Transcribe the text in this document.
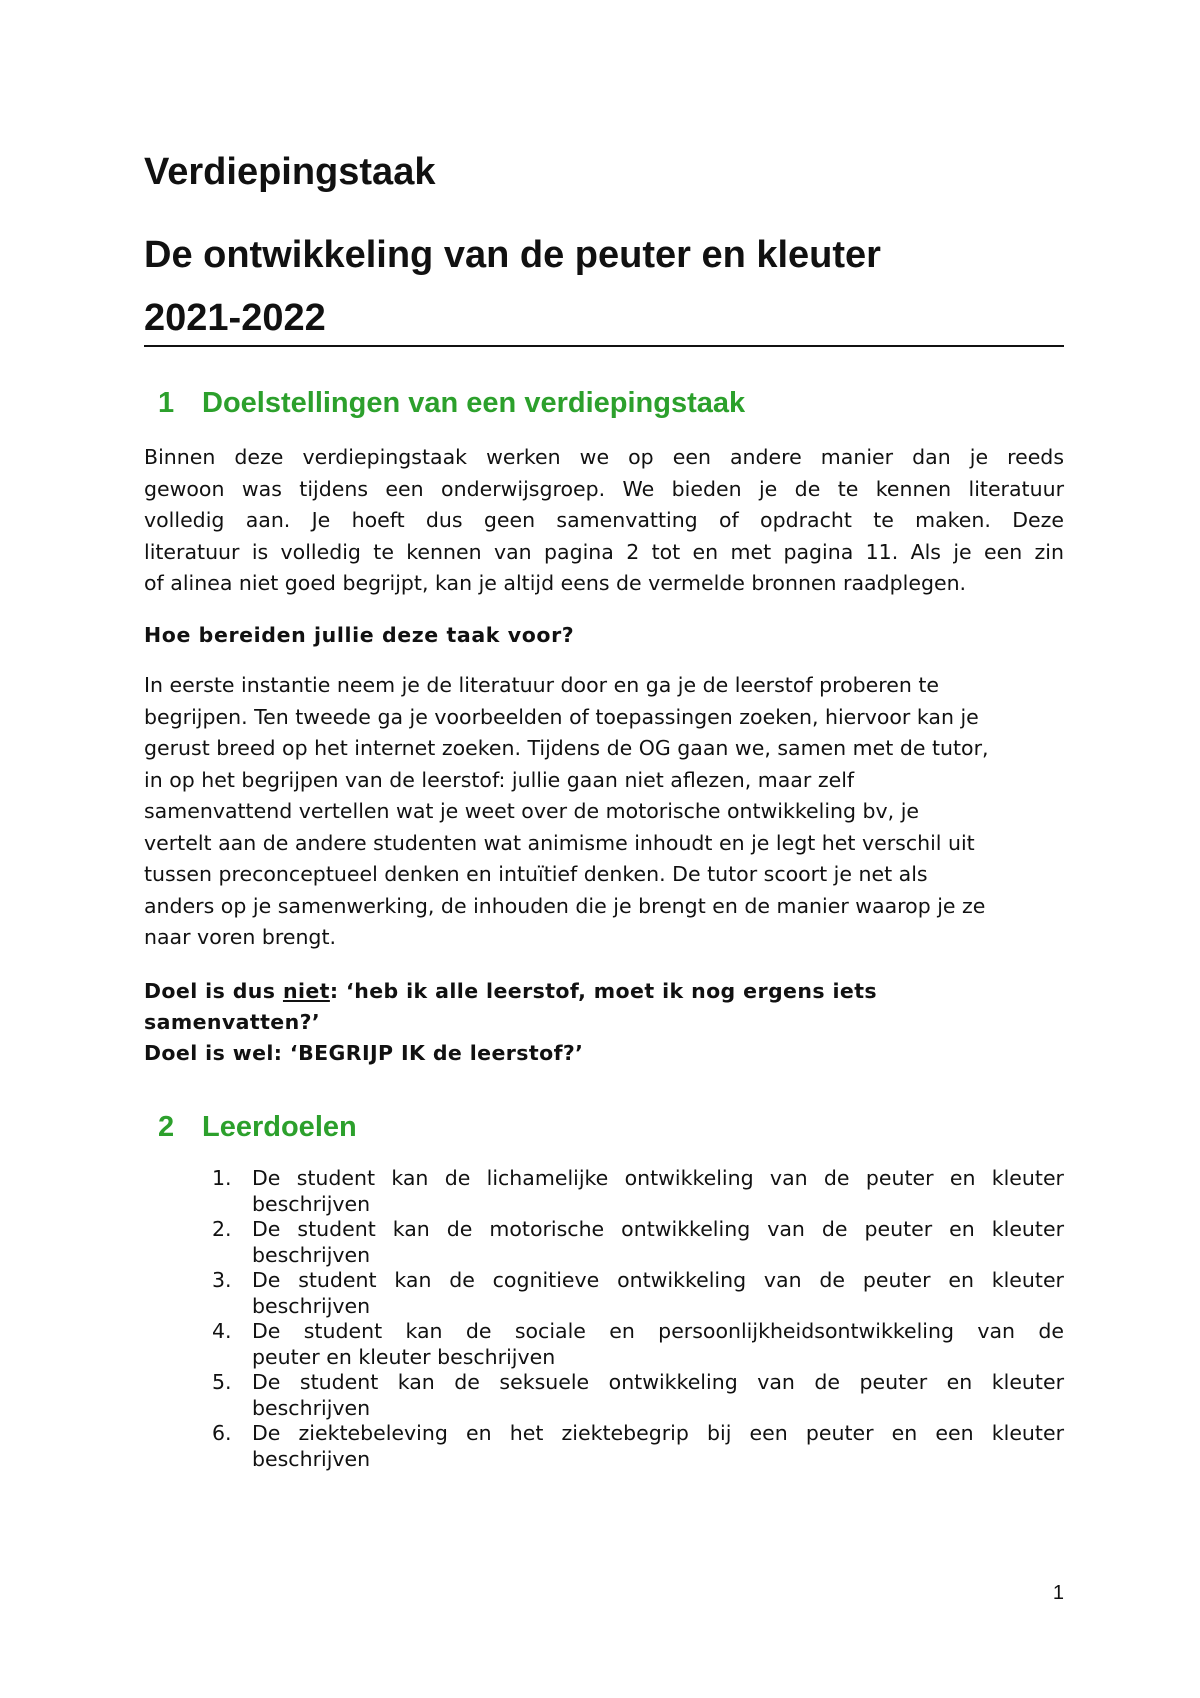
Verdiepingstaak
De ontwikkeling van de peuter en kleuter
2021-2022
1 Doelstellingen van een verdiepingstaak

Binnen deze verdiepingstaak werken we op een andere manier dan je reeds
gewoon was tijdens een onderwijsgroep. We bieden je de te kennen literatuur
volledig aan. Je hoeft dus geen samenvatting of opdracht te maken. Deze
literatuur is volledig te kennen van pagina 2 tot en met pagina 11. Als je een zin
of alinea niet goed begrijpt, kan je altijd eens de vermelde bronnen raadplegen.

Hoe bereiden jullie deze taak voor?

In eerste instantie neem je de literatuur door en ga je de leerstof proberen te
begrijpen. Ten tweede ga je voorbeelden of toepassingen zoeken, hiervoor kan je
gerust breed op het internet zoeken. Tijdens de OG gaan we, samen met de tutor,
in op het begrijpen van de leerstof: jullie gaan niet aflezen, maar zelf
samenvattend vertellen wat je weet over de motorische ontwikkeling bv, je
vertelt aan de andere studenten wat animisme inhoudt en je legt het verschil uit
tussen preconceptueel denken en intuïtief denken. De tutor scoort je net als
anders op je samenwerking, de inhouden die je brengt en de manier waarop je ze
naar voren brengt.

Doel is dus niet: ‘heb ik alle leerstof, moet ik nog ergens iets
samenvatten?’
Doel is wel: ‘BEGRIJP IK de leerstof?’

2 Leerdoelen
1. De student kan de lichamelijke ontwikkeling van de peuter en kleuter
beschrijven
2. De student kan de motorische ontwikkeling van de peuter en kleuter
beschrijven
3. De student kan de cognitieve ontwikkeling van de peuter en kleuter
beschrijven
4. De student kan de sociale en persoonlijkheidsontwikkeling van de
peuter en kleuter beschrijven
5. De student kan de seksuele ontwikkeling van de peuter en kleuter
beschrijven
6. De ziektebeleving en het ziektebegrip bij een peuter en een kleuter
beschrijven
1
